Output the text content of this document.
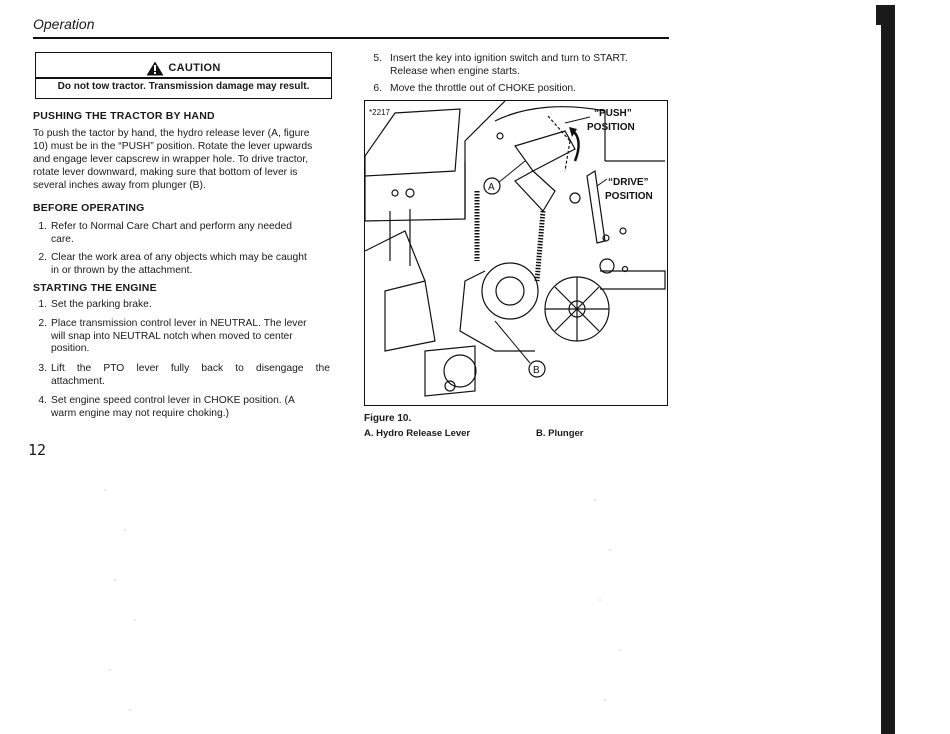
Operation
CAUTION
Do not tow tractor. Transmission damage may result.
PUSHING THE TRACTOR BY HAND
To push the tactor by hand, the hydro release lever (A, figure
10) must be in the “PUSH” position. Rotate the lever upwards
and engage lever capscrew in wrapper hole. To drive tractor,
rotate lever downward, making sure that bottom of lever is
several inches away from plunger (B).
BEFORE OPERATING
1. Refer to Normal Care Chart and perform any needed
care.
2. Clear the work area of any objects which may be caught
in or thrown by the attachment.
STARTING THE ENGINE
1. Set the parking brake.
2. Place transmission control lever in NEUTRAL. The lever
will snap into NEUTRAL notch when moved to center
position.
3. Lift the PTO lever fully back to disengage the
attachment.
4. Set engine speed control lever in CHOKE position. (A
warm engine may not require choking.)
5. Insert the key into ignition switch and turn to START.
Release when engine starts.
6. Move the throttle out of CHOKE position.
A
B
*2217	“PUSH”
POSITION
“DRIVE”
POSITION
Figure 10.
A. Hydro Release Lever	B. Plunger
12
